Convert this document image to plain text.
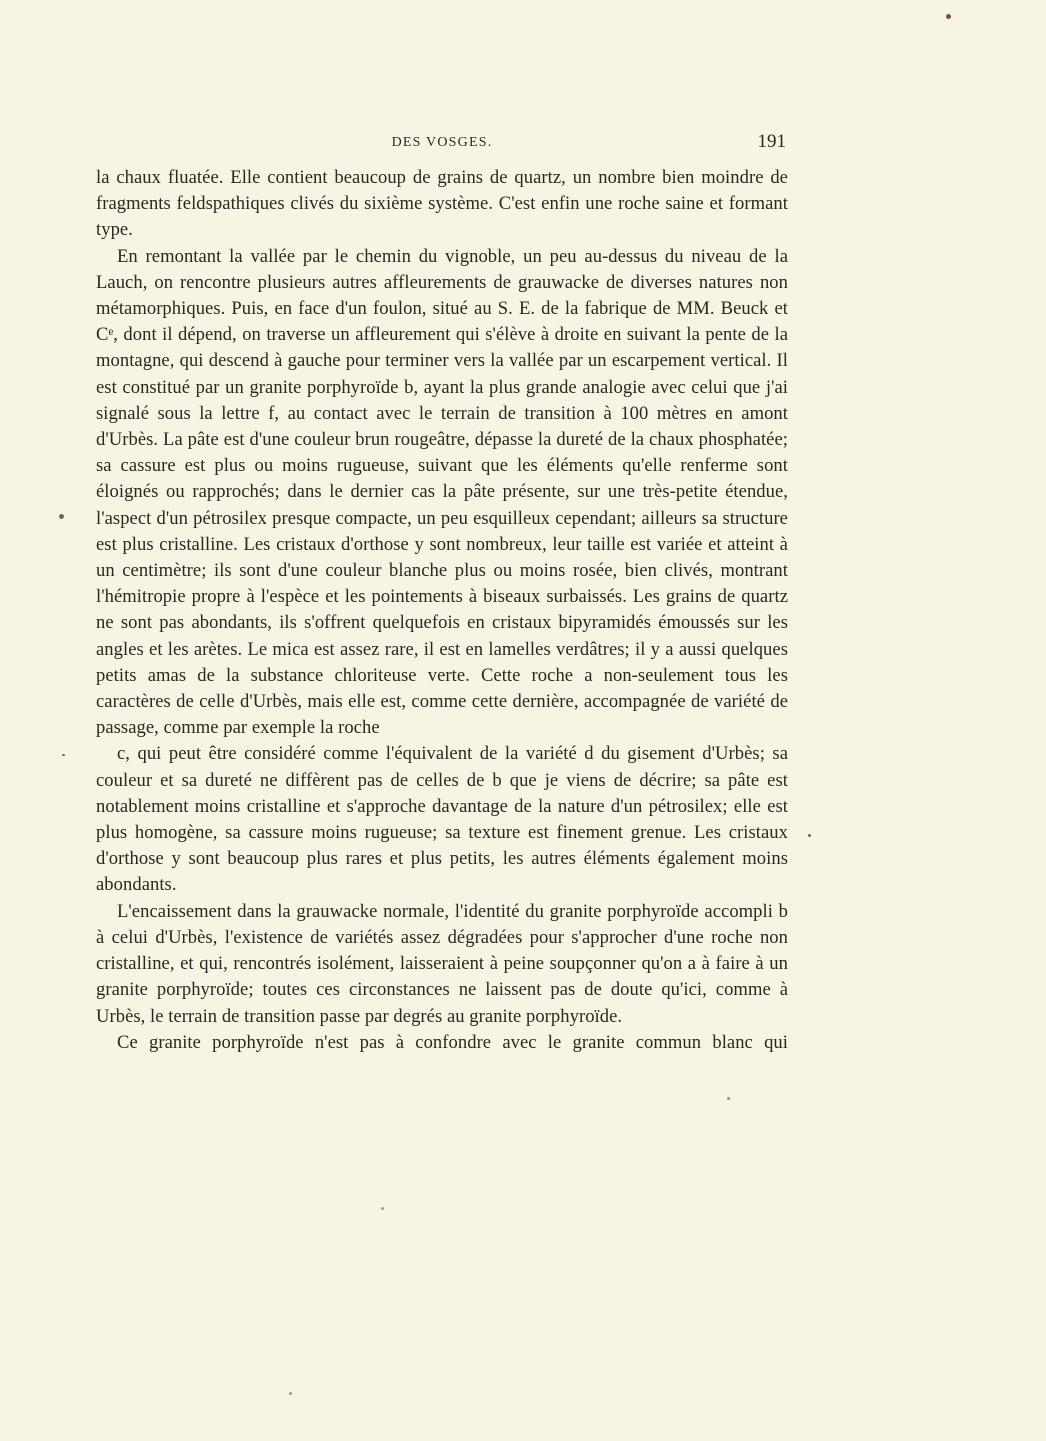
DES VOSGES.	191

la chaux fluatée. Elle contient beaucoup de grains de quartz, un nombre bien moindre de fragments feldspathiques clivés du sixième système. C'est enfin une roche saine et formant type.

En remontant la vallée par le chemin du vignoble, un peu au-dessus du niveau de la Lauch, on rencontre plusieurs autres affleurements de grauwacke de diverses natures non métamorphiques. Puis, en face d'un foulon, situé au S. E. de la fabrique de MM. Beuck et Cᵉ, dont il dépend, on traverse un affleurement qui s'élève à droite en suivant la pente de la montagne, qui descend à gauche pour terminer vers la vallée par un escarpement vertical. Il est constitué par un granite porphyroïde b, ayant la plus grande analogie avec celui que j'ai signalé sous la lettre f, au contact avec le terrain de transition à 100 mètres en amont d'Urbès. La pâte est d'une couleur brun rougeâtre, dépasse la dureté de la chaux phosphatée; sa cassure est plus ou moins rugueuse, suivant que les éléments qu'elle renferme sont éloignés ou rapprochés; dans le dernier cas la pâte présente, sur une très-petite étendue, l'aspect d'un pétrosilex presque compacte, un peu esquilleux cependant; ailleurs sa structure est plus cristalline. Les cristaux d'orthose y sont nombreux, leur taille est variée et atteint à un centimètre; ils sont d'une couleur blanche plus ou moins rosée, bien clivés, montrant l'hémitropie propre à l'espèce et les pointements à biseaux surbaissés. Les grains de quartz ne sont pas abondants, ils s'offrent quelquefois en cristaux bipyramidés émoussés sur les angles et les arètes. Le mica est assez rare, il est en lamelles verdâtres; il y a aussi quelques petits amas de la substance chloriteuse verte. Cette roche a non-seulement tous les caractères de celle d'Urbès, mais elle est, comme cette dernière, accompagnée de variété de passage, comme par exemple la roche

c, qui peut être considéré comme l'équivalent de la variété d du gisement d'Urbès; sa couleur et sa dureté ne diffèrent pas de celles de b que je viens de décrire; sa pâte est notablement moins cristalline et s'approche davantage de la nature d'un pétrosilex; elle est plus homogène, sa cassure moins rugueuse; sa texture est finement grenue. Les cristaux d'orthose y sont beaucoup plus rares et plus petits, les autres éléments également moins abondants.

L'encaissement dans la grauwacke normale, l'identité du granite porphyroïde accompli b à celui d'Urbès, l'existence de variétés assez dégradées pour s'approcher d'une roche non cristalline, et qui, rencontrés isolément, laisseraient à peine soupçonner qu'on a à faire à un granite porphyroïde; toutes ces circonstances ne laissent pas de doute qu'ici, comme à Urbès, le terrain de transition passe par degrés au granite porphyroïde.

Ce granite porphyroïde n'est pas à confondre avec le granite commun blanc qui
